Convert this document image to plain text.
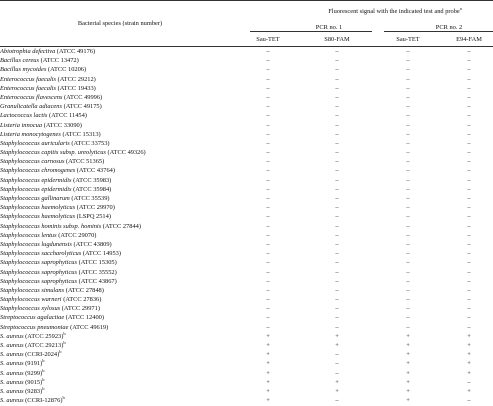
Bacterial species (strain number)	Fluorescent signal with the indicated test and probe$^a$
	PCR no. 1		PCR no. 2	

	Sau-TET	S80-FAM	Sau-TET	E94-FAM
Abiotrophia defectiva (ATCC 49176)	–	–	–	–
Bacillus cereus (ATCC 13472)	–	–	–	–
Bacillus mycoides (ATCC 10206)	–	–	–	–
Enterococcus faecalis (ATCC 29212)	–	–	–	–
Enterococcus faecalis (ATCC 19433)	–	–	–	–
Enterococcus flavescens (ATCC 49996)	–	–	–	–
Granulicatella adiacens (ATCC 49175)	–	–	–	–
Lactococcus lactis (ATCC 11454)	–	–	–	–
Listeria innocua (ATCC 33090)	–	–	–	–
Listeria monocytogenes (ATCC 15313)	–	–	–	–
Staphylococcus auricularis (ATCC 33753)	–	–	–	–
Staphylococcus capitis subsp. ureolyticus (ATCC 49326)	–	–	–	–
Staphylococcus carnosus (ATCC 51365)	–	–	–	–
Staphylococcus chromogenes (ATCC 43764)	–	–	–	–
Staphylococcus epidermidis (ATCC 35983)	–	–	–	–
Staphylococcus epidermidis (ATCC 35984)	–	–	–	–
Staphylococcus gallinarum (ATCC 35539)	–	–	–	–
Staphylococcus haemolyticus (ATCC 29970)	–	–	–	–
Staphylococcus haemolyticus (LSPQ 2514)	–	–	–	–
Staphylococcus hominis subsp. hominis (ATCC 27844)	–	–	–	–
Staphylococcus lentus (ATCC 29070)	–	–	–	–
Staphylococcus lugdunensis (ATCC 43809)	–	–	–	–
Staphylococcus saccharolyticus (ATCC 14953)	–	–	–	–
Staphylococcus saprophyticus (ATCC 15305)	–	–	–	–
Staphylococcus saprophyticus (ATCC 35552)	–	–	–	–
Staphylococcus saprophyticus (ATCC 43867)	–	–	–	–
Staphylococcus simulans (ATCC 27848)	–	–	–	–
Staphylococcus warneri (ATCC 27836)	–	–	–	–
Staphylococcus xylosus (ATCC 29971)	–	–	–	–
Streptococcus agalactiae (ATCC 12400)	–	–	–	–
Streptococcus pneumoniae (ATCC 49619)	–	–	–	–
S. aureus (ATCC 25923)$^b$	+	+	+	+
S. aureus (ATCC 29213)$^b$	+	+	+	+
S. aureus (CCRI-2024)$^b$	+	–	+	+
S. aureus $(9191)^b$	+	–	+	+
S. aureus $(9299)^b$	+	–	+	+
S. aureus $(9015)^b$	+	+	+	–
S. aureus $(9283)^b$	+	+	+	+
S. aureus (CCRI-12876)$^b$	+	–	+	–
